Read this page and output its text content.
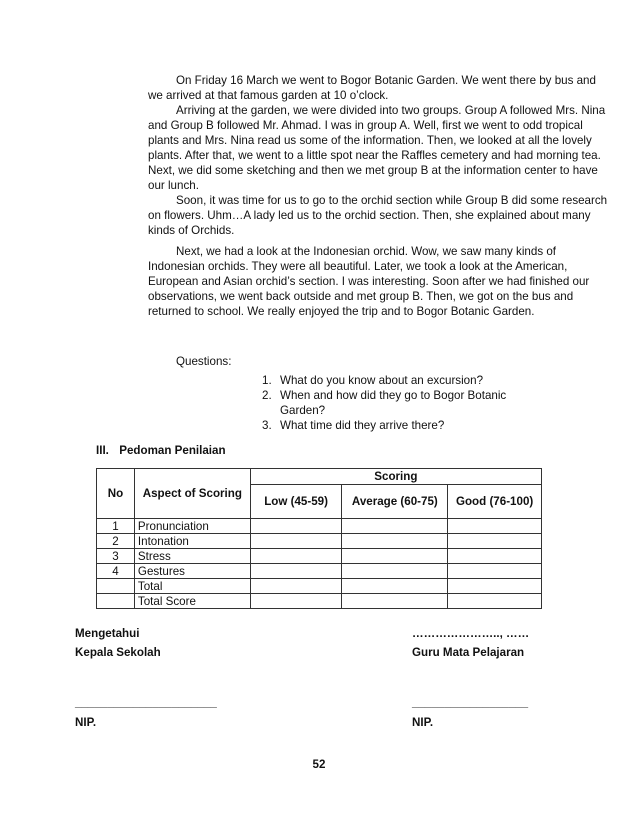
On Friday 16 March we went to Bogor Botanic Garden. We went there by bus and we arrived at that famous garden at 10 o’clock.

Arriving at the garden, we were divided into two groups. Group A followed Mrs. Nina and Group B followed Mr. Ahmad. I was in group A. Well, first we went to odd tropical plants and Mrs. Nina read us some of the information. Then, we looked at all the lovely plants. After that, we went to a little spot near the Raffles cemetery and had morning tea. Next, we did some sketching and then we met group B at the information center to have our lunch.

Soon, it was time for us to go to the orchid section while Group B did some research on flowers. Uhm…A lady led us to the orchid section. Then, she explained about many kinds of Orchids.

Next, we had a look at the Indonesian orchid. Wow, we saw many kinds of Indonesian orchids. They were all beautiful. Later, we took a look at the American, European and Asian orchid’s section. I was interesting. Soon after we had finished our observations, we went back outside and met group B. Then, we got on the bus and returned to school. We really enjoyed the trip and to Bogor Botanic Garden.

Questions:
1. What do you know about an excursion?
2. When and how did they go to Bogor Botanic Garden?
3. What time did they arrive there?
III. Pedoman Penilaian
No	Aspect of Scoring	Scoring		
		Low (45-59)	Average (60-75)	Good (76-100)
1	Pronunciation			
2	Intonation			
3	Stress			
4	Gestures			
	Total			
	Total Score			
Mengetahui
Kepala Sekolah
______________________
NIP.
………………….., ……
Guru Mata Pelajaran
__________________
NIP.
52
